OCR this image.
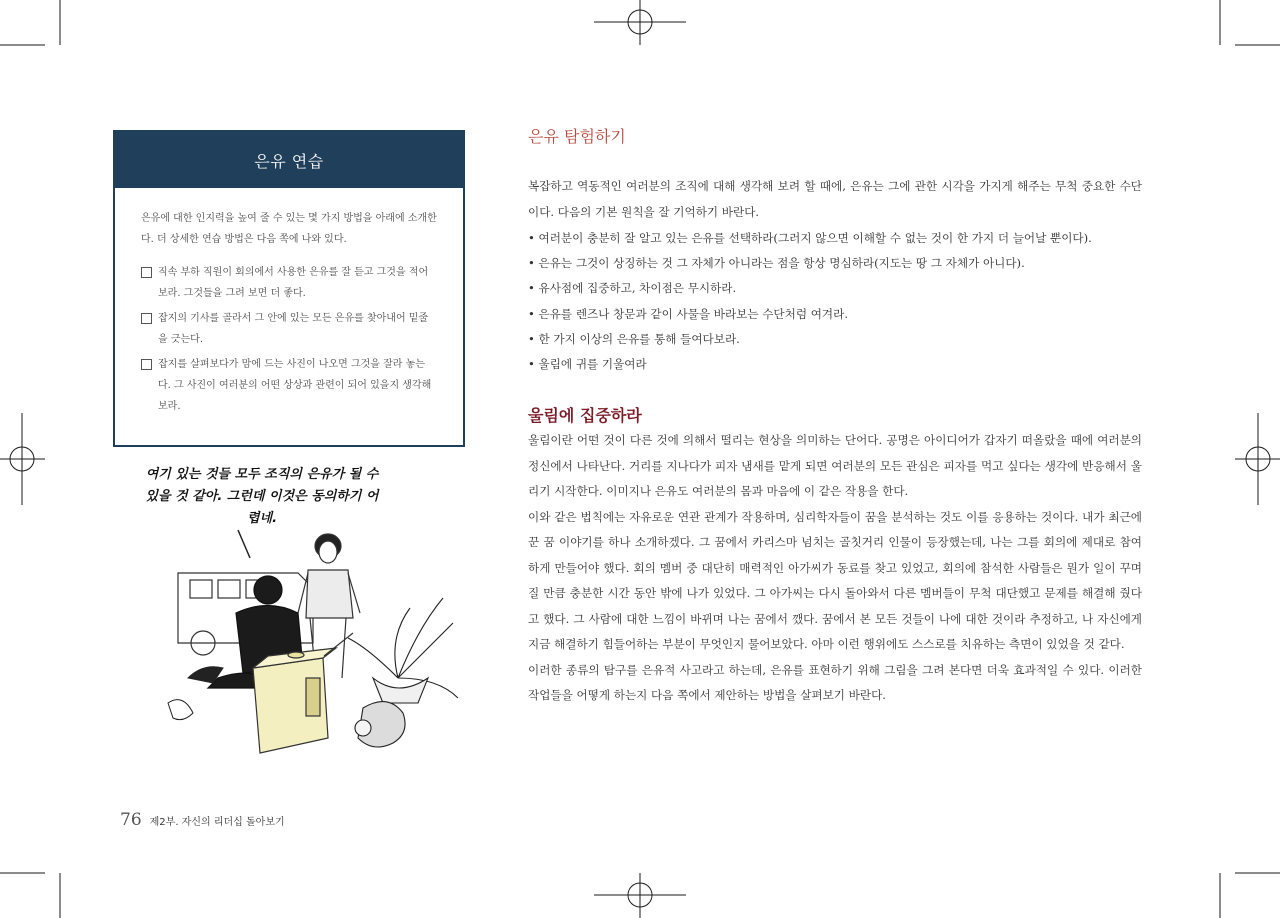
은유 연습

은유에 대한 인지력을 높여 줄 수 있는 몇 가지 방법을 아래에 소개한다. 더 상세한 연습 방법은 다음 쪽에 나와 있다.

직속 부하 직원이 회의에서 사용한 은유를 잘 듣고 그것을 적어 보라. 그것들을 그려 보면 더 좋다.
잡지의 기사를 골라서 그 안에 있는 모든 은유를 찾아내어 밑줄을 긋는다.
잡지를 살펴보다가 맘에 드는 사진이 나오면 그것을 잘라 놓는다. 그 사진이 여러분의 어떤 상상과 관련이 되어 있을지 생각해 보라.
여기 있는 것들 모두 조직의 은유가 될 수 있을 것 같아. 그런데 이것은 동의하기 어렵네.
76 제2부. 자신의 리더십 돌아보기
은유 탐험하기

복잡하고 역동적인 여러분의 조직에 대해 생각해 보려 할 때에, 은유는 그에 관한 시각을 가지게 해주는 무척 중요한 수단이다. 다음의 기본 원칙을 잘 기억하기 바란다.

• 여러분이 충분히 잘 알고 있는 은유를 선택하라(그러지 않으면 이해할 수 없는 것이 한 가지 더 늘어날 뿐이다).
• 은유는 그것이 상징하는 것 그 자체가 아니라는 점을 항상 명심하라(지도는 땅 그 자체가 아니다).
• 유사점에 집중하고, 차이점은 무시하라.
• 은유를 렌즈나 창문과 같이 사물을 바라보는 수단처럼 여겨라.
• 한 가지 이상의 은유를 통해 들여다보라.
• 울림에 귀를 기울여라
울림에 집중하라

울림이란 어떤 것이 다른 것에 의해서 떨리는 현상을 의미하는 단어다. 공명은 아이디어가 갑자기 떠올랐을 때에 여러분의 정신에서 나타난다. 거리를 지나다가 피자 냄새를 맡게 되면 여러분의 모든 관심은 피자를 먹고 싶다는 생각에 반응해서 울리기 시작한다. 이미지나 은유도 여러분의 몸과 마음에 이 같은 작용을 한다.

이와 같은 법칙에는 자유로운 연관 관계가 작용하며, 심리학자들이 꿈을 분석하는 것도 이를 응용하는 것이다. 내가 최근에 꾼 꿈 이야기를 하나 소개하겠다. 그 꿈에서 카리스마 넘치는 골칫거리 인물이 등장했는데, 나는 그를 회의에 제대로 참여하게 만들어야 했다. 회의 멤버 중 대단히 매력적인 아가씨가 동료를 찾고 있었고, 회의에 참석한 사람들은 뭔가 일이 꾸며질 만큼 충분한 시간 동안 밖에 나가 있었다. 그 아가씨는 다시 돌아와서 다른 멤버들이 무척 대단했고 문제를 해결해 줬다고 했다. 그 사람에 대한 느낌이 바뀌며 나는 꿈에서 깼다. 꿈에서 본 모든 것들이 나에 대한 것이라 추정하고, 나 자신에게 지금 해결하기 힘들어하는 부분이 무엇인지 물어보았다. 아마 이런 행위에도 스스로를 치유하는 측면이 있었을 것 같다.

이러한 종류의 탐구를 은유적 사고라고 하는데, 은유를 표현하기 위해 그림을 그려 본다면 더욱 효과적일 수 있다. 이러한 작업들을 어떻게 하는지 다음 쪽에서 제안하는 방법을 살펴보기 바란다.
